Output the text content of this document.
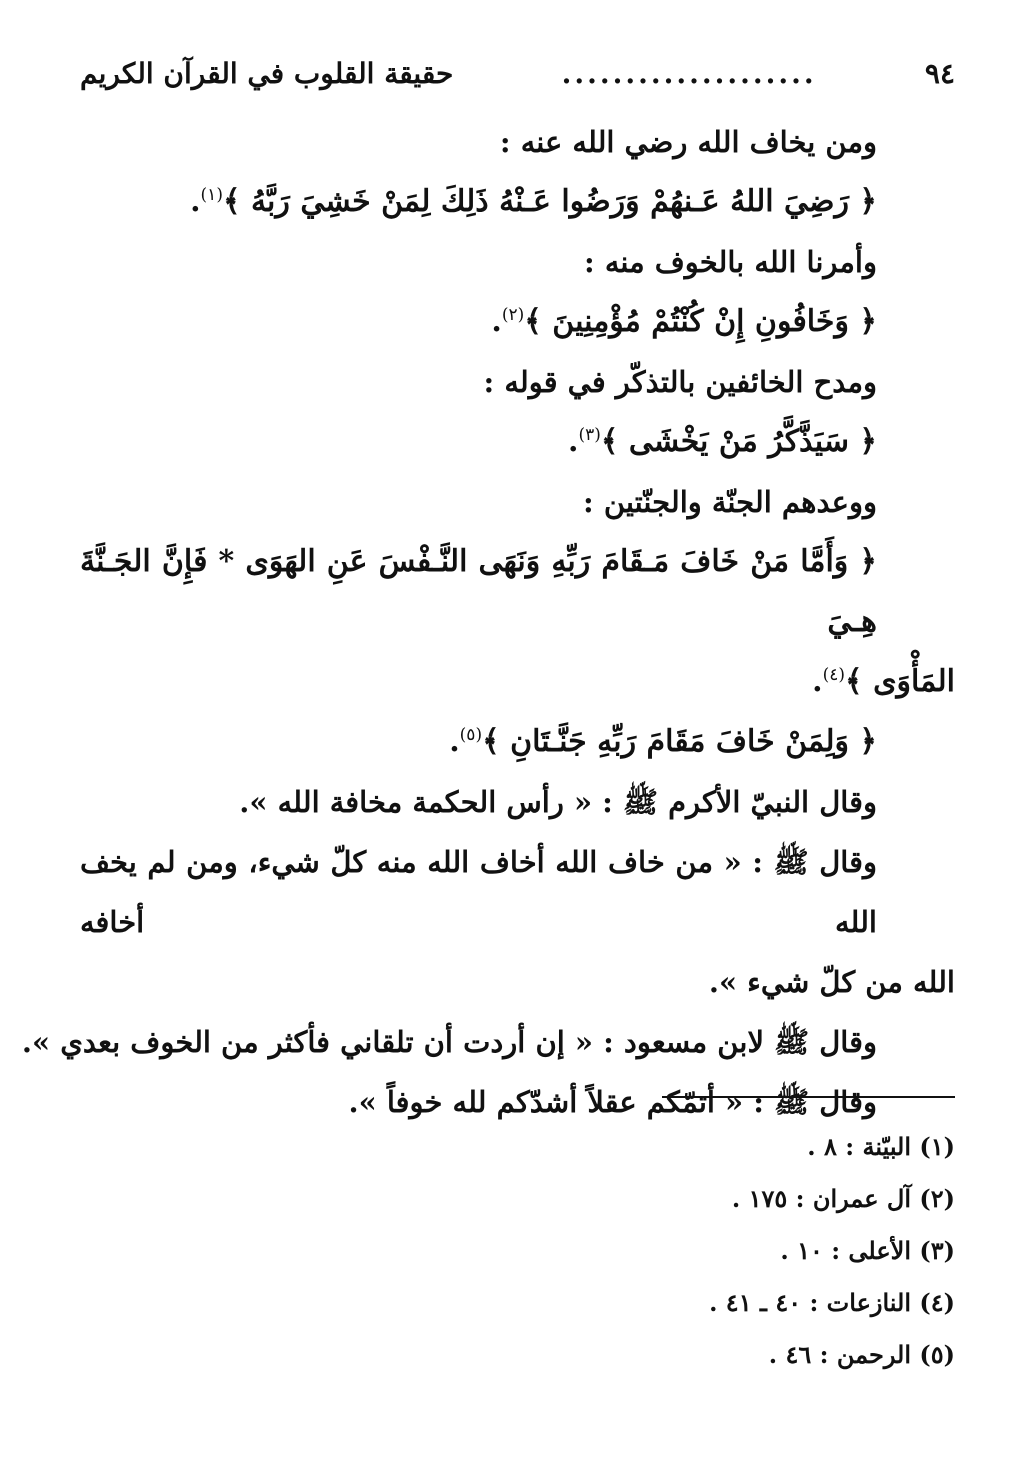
٩٤
....................
حقيقة القلوب في القرآن الكريم
ومن يخاف الله رضي الله عنه :
﴿ رَضِيَ اللهُ عَـنهُمْ وَرَضُوا عَـنْهُ ذَلِكَ لِمَنْ خَشِيَ رَبَّهُ ﴾$^{(١)}$.
وأمرنا الله بالخوف منه :
﴿ وَخَافُونِ إِنْ كُنْتُمْ مُؤْمِنِينَ ﴾$^{(٢)}$.
ومدح الخائفين بالتذكّر في قوله :
﴿ سَيَذَّكَّرُ مَنْ يَخْشَى ﴾$^{(٣)}$.
ووعدهم الجنّة والجنّتين :
﴿ وَأَمَّا مَنْ خَافَ مَـقَامَ رَبِّهِ وَنَهَى النَّـفْسَ عَنِ الهَوَى * فَإِنَّ الجَـنَّةَ هِـيَ
المَأْوَى ﴾$^{(٤)}$.
﴿ وَلِمَنْ خَافَ مَقَامَ رَبِّهِ جَنَّـتَانِ ﴾$^{(٥)}$.
وقال النبيّ الأكرم ﷺ : « رأس الحكمة مخافة الله ».
وقال ﷺ : « من خاف الله أخاف الله منه كلّ شيء، ومن لم يخف الله أخافه
الله من كلّ شيء ».
وقال ﷺ لابن مسعود : « إن أردت أن تلقاني فأكثر من الخوف بعدي ».
وقال ﷺ : « أتمّكم عقلاً أشدّكم لله خوفاً ».
(١) البيّنة : ٨ .
(٢) آل عمران : ١٧٥ .
(٣) الأعلى : ١٠ .
(٤) النازعات : ٤٠ ـ ٤١ .
(٥) الرحمن : ٤٦ .
